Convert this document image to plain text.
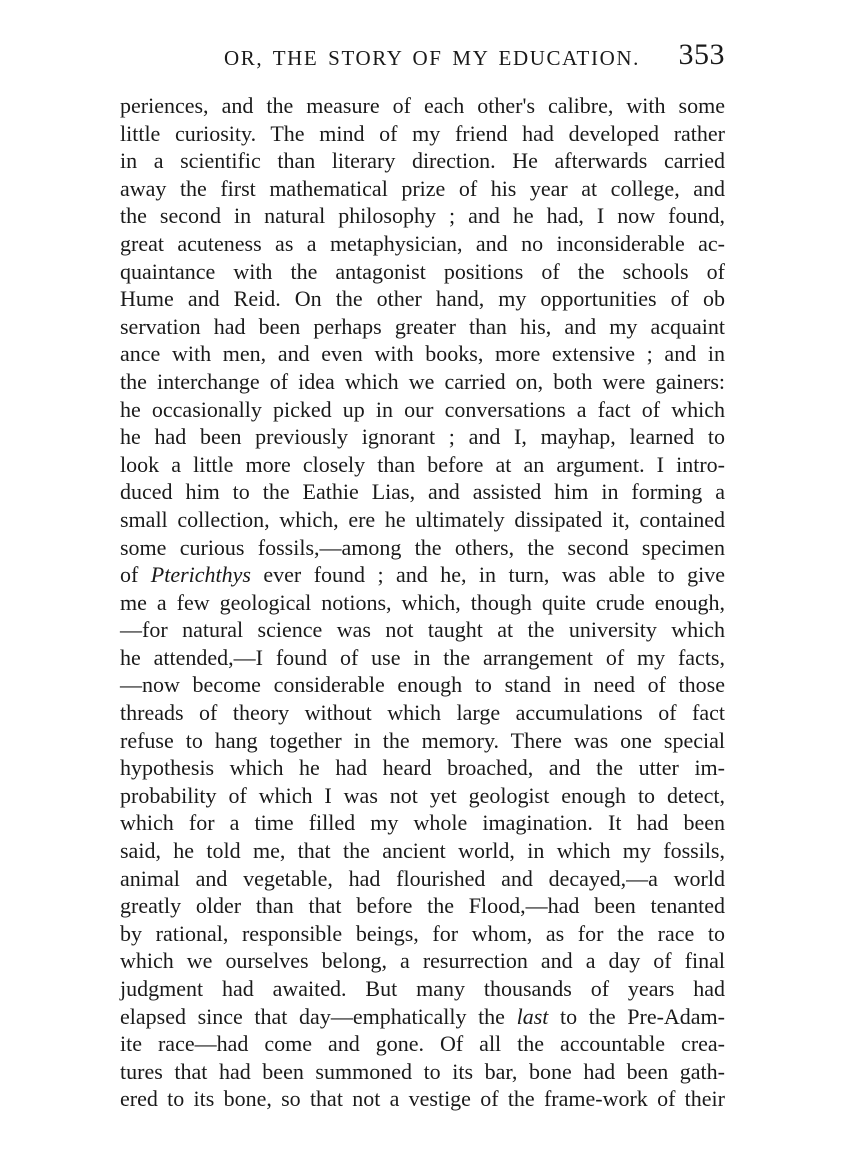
OR, THE STORY OF MY EDUCATION. 353
periences, and the measure of each other's calibre, with some
little curiosity. The mind of my friend had developed rather
in a scientific than literary direction. He afterwards carried
away the first mathematical prize of his year at college, and
the second in natural philosophy ; and he had, I now found,
great acuteness as a metaphysician, and no inconsiderable ac-
quaintance with the antagonist positions of the schools of
Hume and Reid. On the other hand, my opportunities of ob
servation had been perhaps greater than his, and my acquaint
ance with men, and even with books, more extensive ; and in
the interchange of idea which we carried on, both were gainers:
he occasionally picked up in our conversations a fact of which
he had been previously ignorant ; and I, mayhap, learned to
look a little more closely than before at an argument. I intro-
duced him to the Eathie Lias, and assisted him in forming a
small collection, which, ere he ultimately dissipated it, contained
some curious fossils,—among the others, the second specimen
of Pterichthys ever found ; and he, in turn, was able to give
me a few geological notions, which, though quite crude enough,
—for natural science was not taught at the university which
he attended,—I found of use in the arrangement of my facts,
—now become considerable enough to stand in need of those
threads of theory without which large accumulations of fact
refuse to hang together in the memory. There was one special
hypothesis which he had heard broached, and the utter im-
probability of which I was not yet geologist enough to detect,
which for a time filled my whole imagination. It had been
said, he told me, that the ancient world, in which my fossils,
animal and vegetable, had flourished and decayed,—a world
greatly older than that before the Flood,—had been tenanted
by rational, responsible beings, for whom, as for the race to
which we ourselves belong, a resurrection and a day of final
judgment had awaited. But many thousands of years had
elapsed since that day—emphatically the last to the Pre-Adam-
ite race—had come and gone. Of all the accountable crea-
tures that had been summoned to its bar, bone had been gath-
ered to its bone, so that not a vestige of the frame-work of their
